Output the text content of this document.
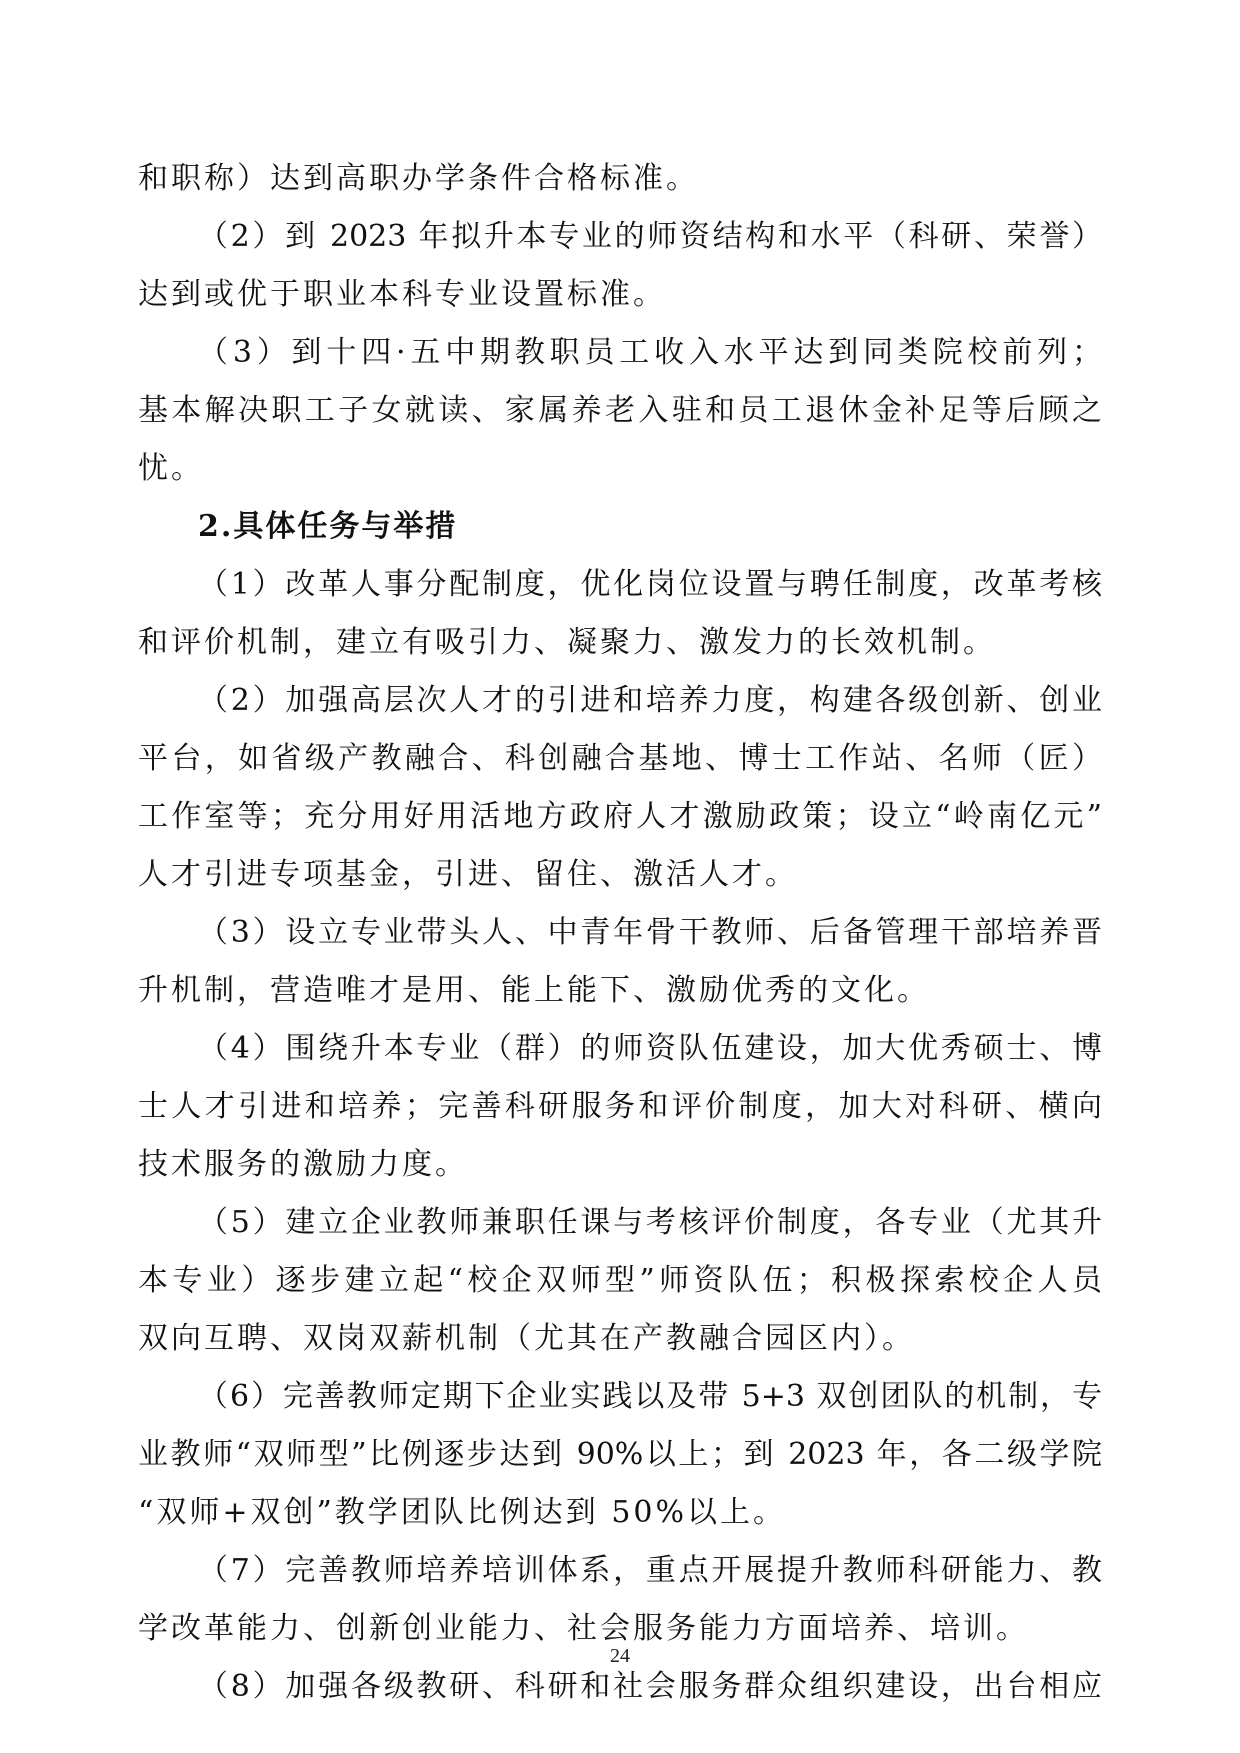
和职称）达到高职办学条件合格标准。
（2）到 2023 年拟升本专业的师资结构和水平（科研、荣誉）
达到或优于职业本科专业设置标准。
（3）到十四·五中期教职员工收入水平达到同类院校前列；
基本解决职工子女就读、家属养老入驻和员工退休金补足等后顾之
忧。
2.具体任务与举措
（1）改革人事分配制度，优化岗位设置与聘任制度，改革考核
和评价机制，建立有吸引力、凝聚力、激发力的长效机制。
（2）加强高层次人才的引进和培养力度，构建各级创新、创业
平台，如省级产教融合、科创融合基地、博士工作站、名师（匠）
工作室等；充分用好用活地方政府人才激励政策；设立“岭南亿元”
人才引进专项基金，引进、留住、激活人才。
（3）设立专业带头人、中青年骨干教师、后备管理干部培养晋
升机制，营造唯才是用、能上能下、激励优秀的文化。
（4）围绕升本专业（群）的师资队伍建设，加大优秀硕士、博
士人才引进和培养；完善科研服务和评价制度，加大对科研、横向
技术服务的激励力度。
（5）建立企业教师兼职任课与考核评价制度，各专业（尤其升
本专业）逐步建立起“校企双师型”师资队伍；积极探索校企人员
双向互聘、双岗双薪机制（尤其在产教融合园区内）。
（6）完善教师定期下企业实践以及带 5+3 双创团队的机制，专
业教师“双师型”比例逐步达到 90%以上；到 2023 年，各二级学院
“双师+双创”教学团队比例达到 50%以上。
（7）完善教师培养培训体系，重点开展提升教师科研能力、教
学改革能力、创新创业能力、社会服务能力方面培养、培训。
（8）加强各级教研、科研和社会服务群众组织建设，出台相应
24
